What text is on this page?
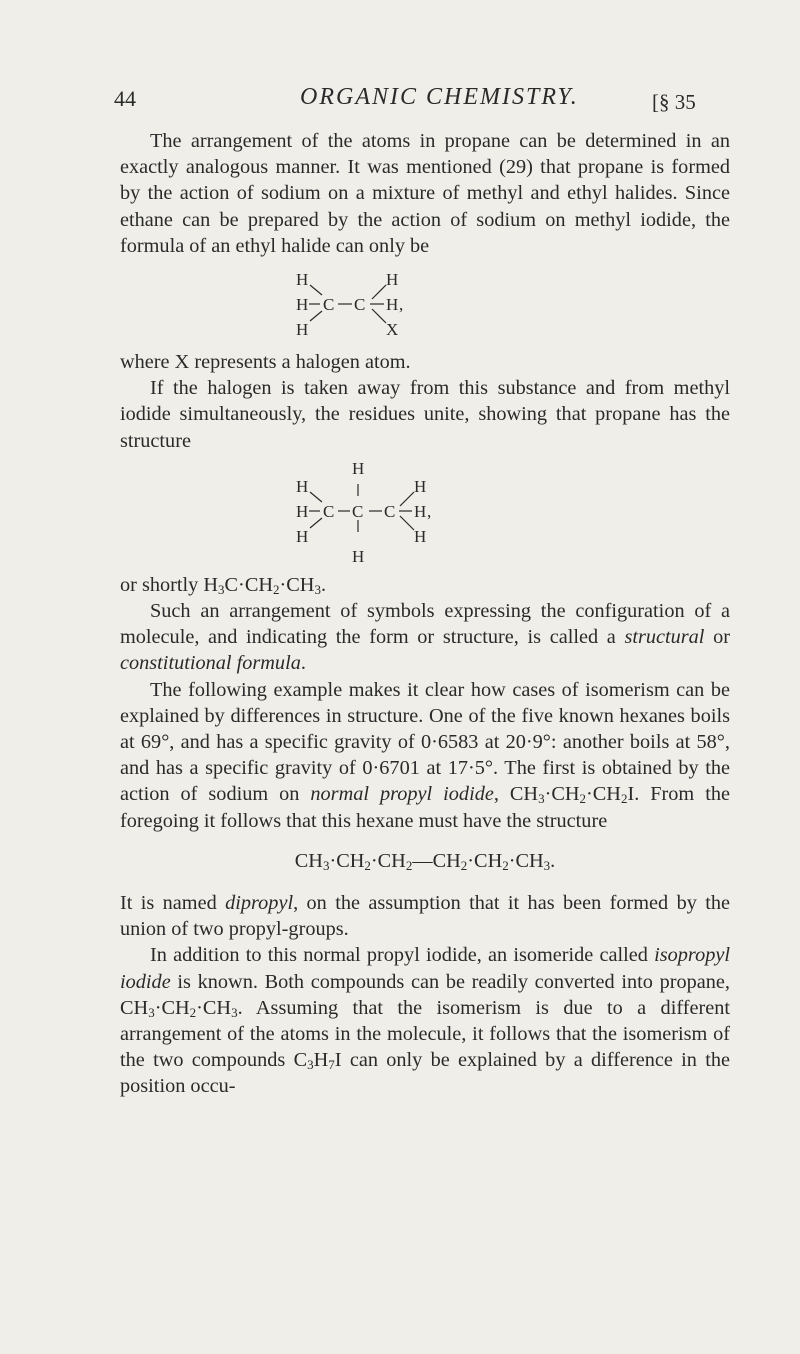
44	ORGANIC CHEMISTRY.	[§ 35

The arrangement of the atoms in propane can be determined in an exactly analogous manner. It was mentioned (29) that propane is formed by the action of sodium on a mixture of methyl and ethyl halides. Since ethane can be prepared by the action of sodium on methyl iodide, the formula of an ethyl halide can only be

H
H
H
C C
H
H ,
X

where X represents a halogen atom.

If the halogen is taken away from this substance and from methyl iodide simultaneously, the residues unite, showing that propane has the structure

H
H
H
H
C C C
H
H ,
H
H

or shortly $H_3C\cdot CH_2\cdot CH_3$.

Such an arrangement of symbols expressing the configuration of a molecule, and indicating the form or structure, is called a structural or constitutional formula.

The following example makes it clear how cases of isomerism can be explained by differences in structure. One of the five known hexanes boils at 69°, and has a specific gravity of 0·6583 at 20·9°: another boils at 58°, and has a specific gravity of 0·6701 at 17·5°. The first is obtained by the action of sodium on normal propyl iodide, $CH_3\cdot CH_2\cdot CH_2I$. From the foregoing it follows that this hexane must have the structure

$CH_3\cdot CH_2\cdot CH_2—CH_2\cdot CH_2\cdot CH_3$.

It is named dipropyl, on the assumption that it has been formed by the union of two propyl-groups.

In addition to this normal propyl iodide, an isomeride called isopropyl iodide is known. Both compounds can be readily converted into propane, $CH_3\cdot CH_2\cdot CH_3$. Assuming that the isomerism is due to a different arrangement of the atoms in the molecule, it follows that the isomerism of the two compounds $C_3H_7I$ can only be explained by a difference in the position occu-
